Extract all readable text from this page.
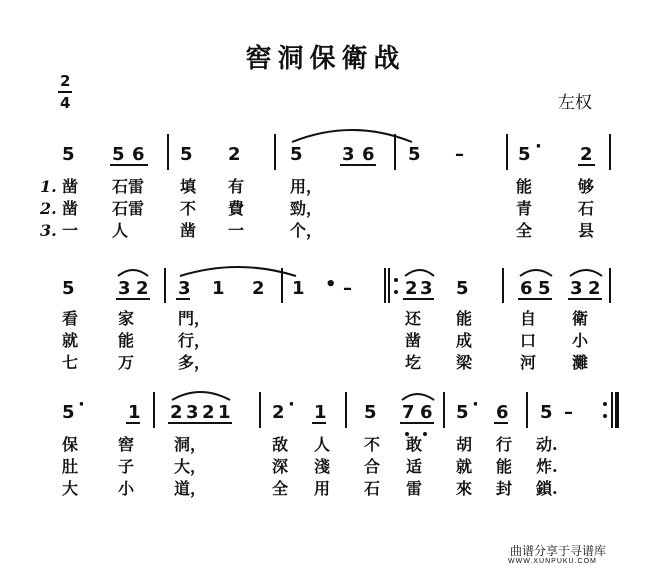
窖洞保衛战
2
4	左权
5 5 6 5 2	5 3 6 5 –	5 · 2
1. 凿 石雷 填 有	用，	能	够
2. 凿 石雷 不 費	勁，	青	石
3. 一 人	凿 一	个，	全	县
5 3 2 3 1 2 1 • –	2 3 5	6 5 3 2
看 家	門，	还 能	自 衛
就 能	行，	凿 成	口 小
七 万	多，	圪 梁	河 灘
5 · 1 2 3 2 1 2 · 1 5 7 6 5 · 6 5 –
保 窖 洞，	敌 人 不 敢 胡 行 动.
肚 子 大，	深 淺 合 适 就 能 炸.
大 小 道，	全 用 石 雷 來 封 鎖.
曲谱分享于寻谱库
WWW.XUNPUKU.COM
